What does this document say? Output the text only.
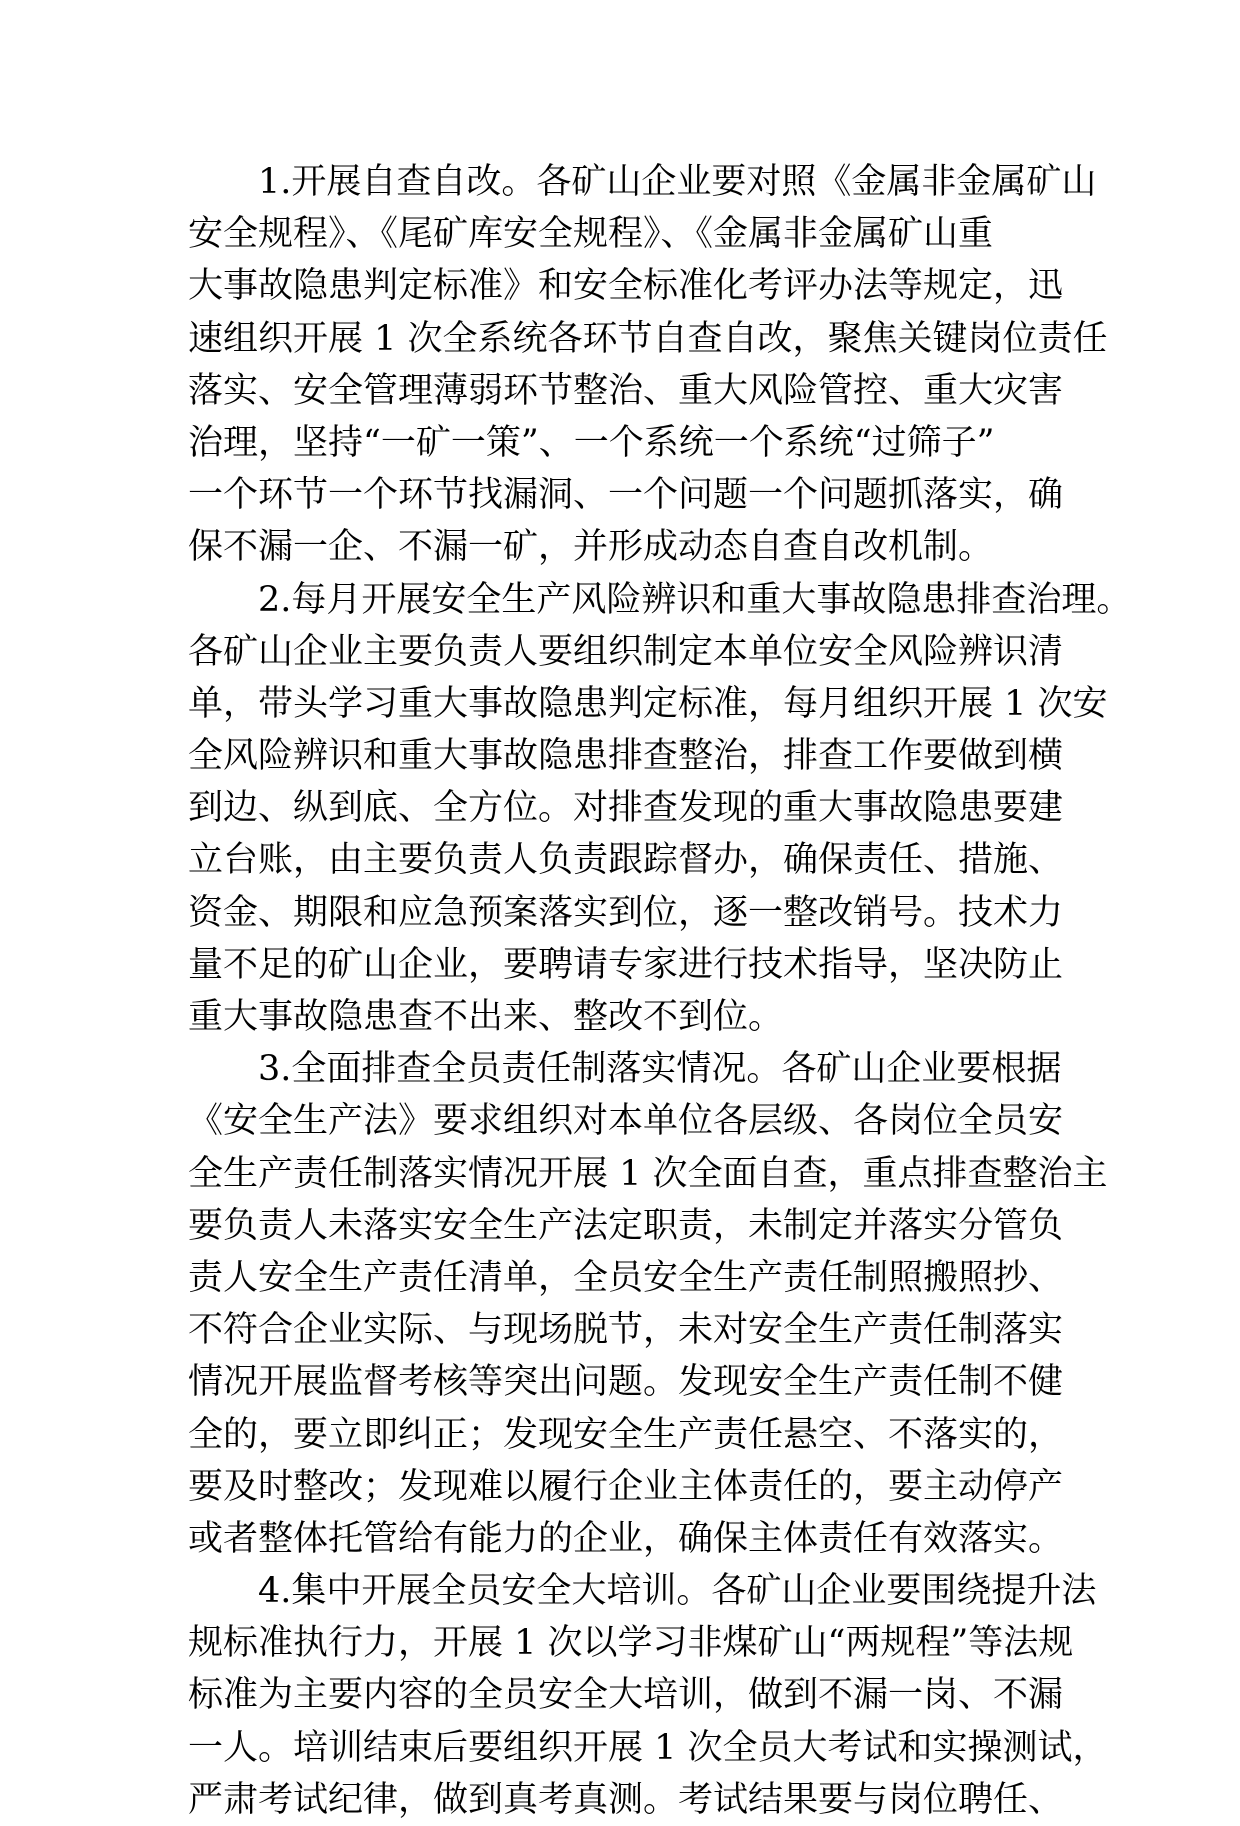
1.开展自查自改。各矿山企业要对照《金属非金属矿山
安全规程》、《尾矿库安全规程》、《金属非金属矿山重
大事故隐患判定标准》和安全标准化考评办法等规定，迅
速组织开展 1 次全系统各环节自查自改，聚焦关键岗位责任
落实、安全管理薄弱环节整治、重大风险管控、重大灾害
治理，坚持“一矿一策”、一个系统一个系统“过筛子”
一个环节一个环节找漏洞、一个问题一个问题抓落实，确
保不漏一企、不漏一矿，并形成动态自查自改机制。
2.每月开展安全生产风险辨识和重大事故隐患排查治理。
各矿山企业主要负责人要组织制定本单位安全风险辨识清
单，带头学习重大事故隐患判定标准，每月组织开展 1 次安
全风险辨识和重大事故隐患排查整治，排查工作要做到横
到边、纵到底、全方位。对排查发现的重大事故隐患要建
立台账，由主要负责人负责跟踪督办，确保责任、措施、
资金、期限和应急预案落实到位，逐一整改销号。技术力
量不足的矿山企业，要聘请专家进行技术指导，坚决防止
重大事故隐患查不出来、整改不到位。
3.全面排查全员责任制落实情况。各矿山企业要根据
《安全生产法》要求组织对本单位各层级、各岗位全员安
全生产责任制落实情况开展 1 次全面自查，重点排查整治主
要负责人未落实安全生产法定职责，未制定并落实分管负
责人安全生产责任清单，全员安全生产责任制照搬照抄、
不符合企业实际、与现场脱节，未对安全生产责任制落实
情况开展监督考核等突出问题。发现安全生产责任制不健
全的，要立即纠正；发现安全生产责任悬空、不落实的，
要及时整改；发现难以履行企业主体责任的，要主动停产
或者整体托管给有能力的企业，确保主体责任有效落实。
4.集中开展全员安全大培训。各矿山企业要围绕提升法
规标准执行力，开展 1 次以学习非煤矿山“两规程”等法规
标准为主要内容的全员安全大培训，做到不漏一岗、不漏
一人。培训结束后要组织开展 1 次全员大考试和实操测试，
严肃考试纪律，做到真考真测。考试结果要与岗位聘任、
